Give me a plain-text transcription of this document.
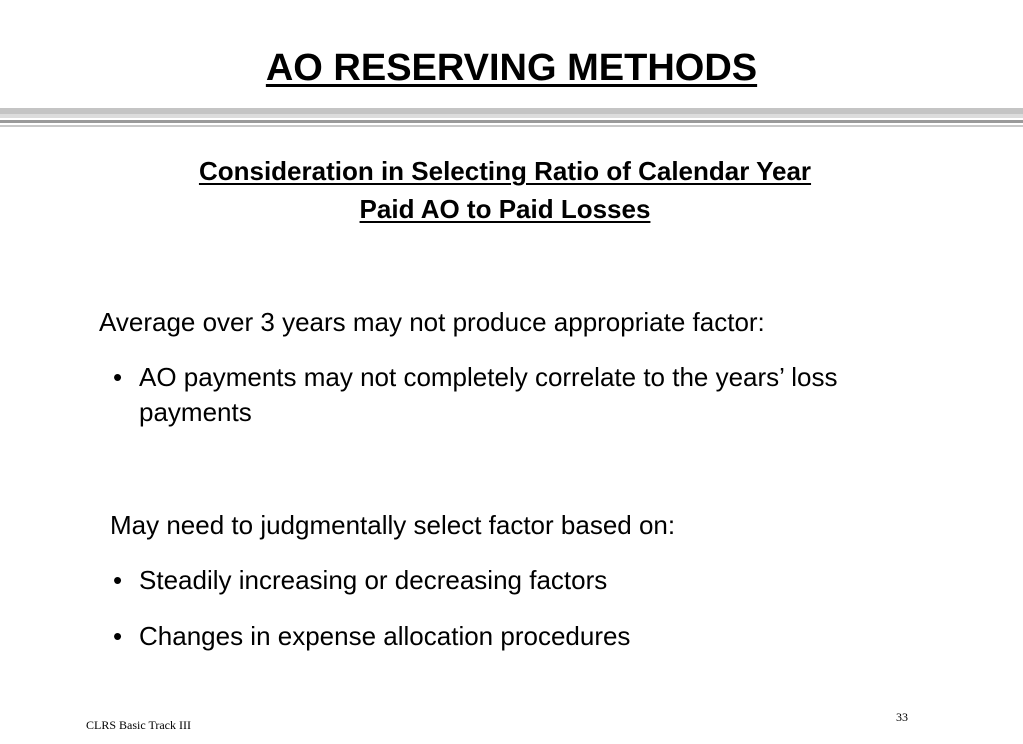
AO RESERVING METHODS
Consideration in Selecting Ratio of Calendar Year
Paid AO to Paid Losses
Average over 3 years may not produce appropriate factor:
• AO payments may not completely correlate to the years’ loss payments
May need to judgmentally select factor based on:
• Steadily increasing or decreasing factors
• Changes in expense allocation procedures
CLRS Basic Track III
33
